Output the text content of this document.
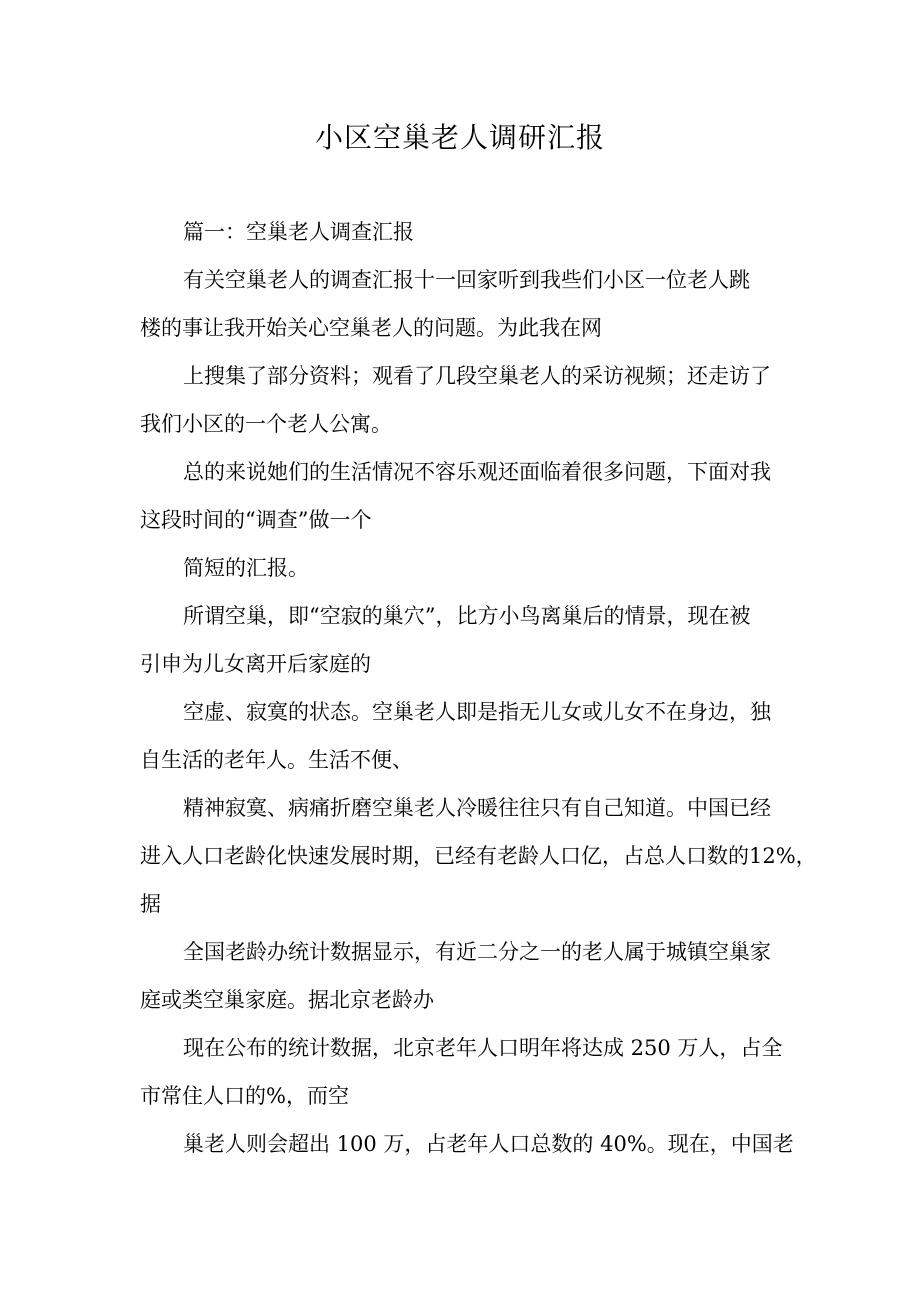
小区空巢老人调研汇报
篇一：空巢老人调查汇报
有关空巢老人的调查汇报十一回家听到我些们小区一位老人跳
楼的事让我开始关心空巢老人的问题。为此我在网
上搜集了部分资料；观看了几段空巢老人的采访视频；还走访了
我们小区的一个老人公寓。
总的来说她们的生活情况不容乐观还面临着很多问题，下面对我
这段时间的“调查”做一个
简短的汇报。
所谓空巢，即“空寂的巢穴”，比方小鸟离巢后的情景，现在被
引申为儿女离开后家庭的
空虚、寂寞的状态。空巢老人即是指无儿女或儿女不在身边，独
自生活的老年人。生活不便、
精神寂寞、病痛折磨空巢老人冷暖往往只有自己知道。中国已经
进入人口老龄化快速发展时期，已经有老龄人口亿，占总人口数的12%，
据
全国老龄办统计数据显示，有近二分之一的老人属于城镇空巢家
庭或类空巢家庭。据北京老龄办
现在公布的统计数据，北京老年人口明年将达成 250 万人，占全
市常住人口的%，而空
巢老人则会超出 100 万，占老年人口总数的 40%。现在，中国老
